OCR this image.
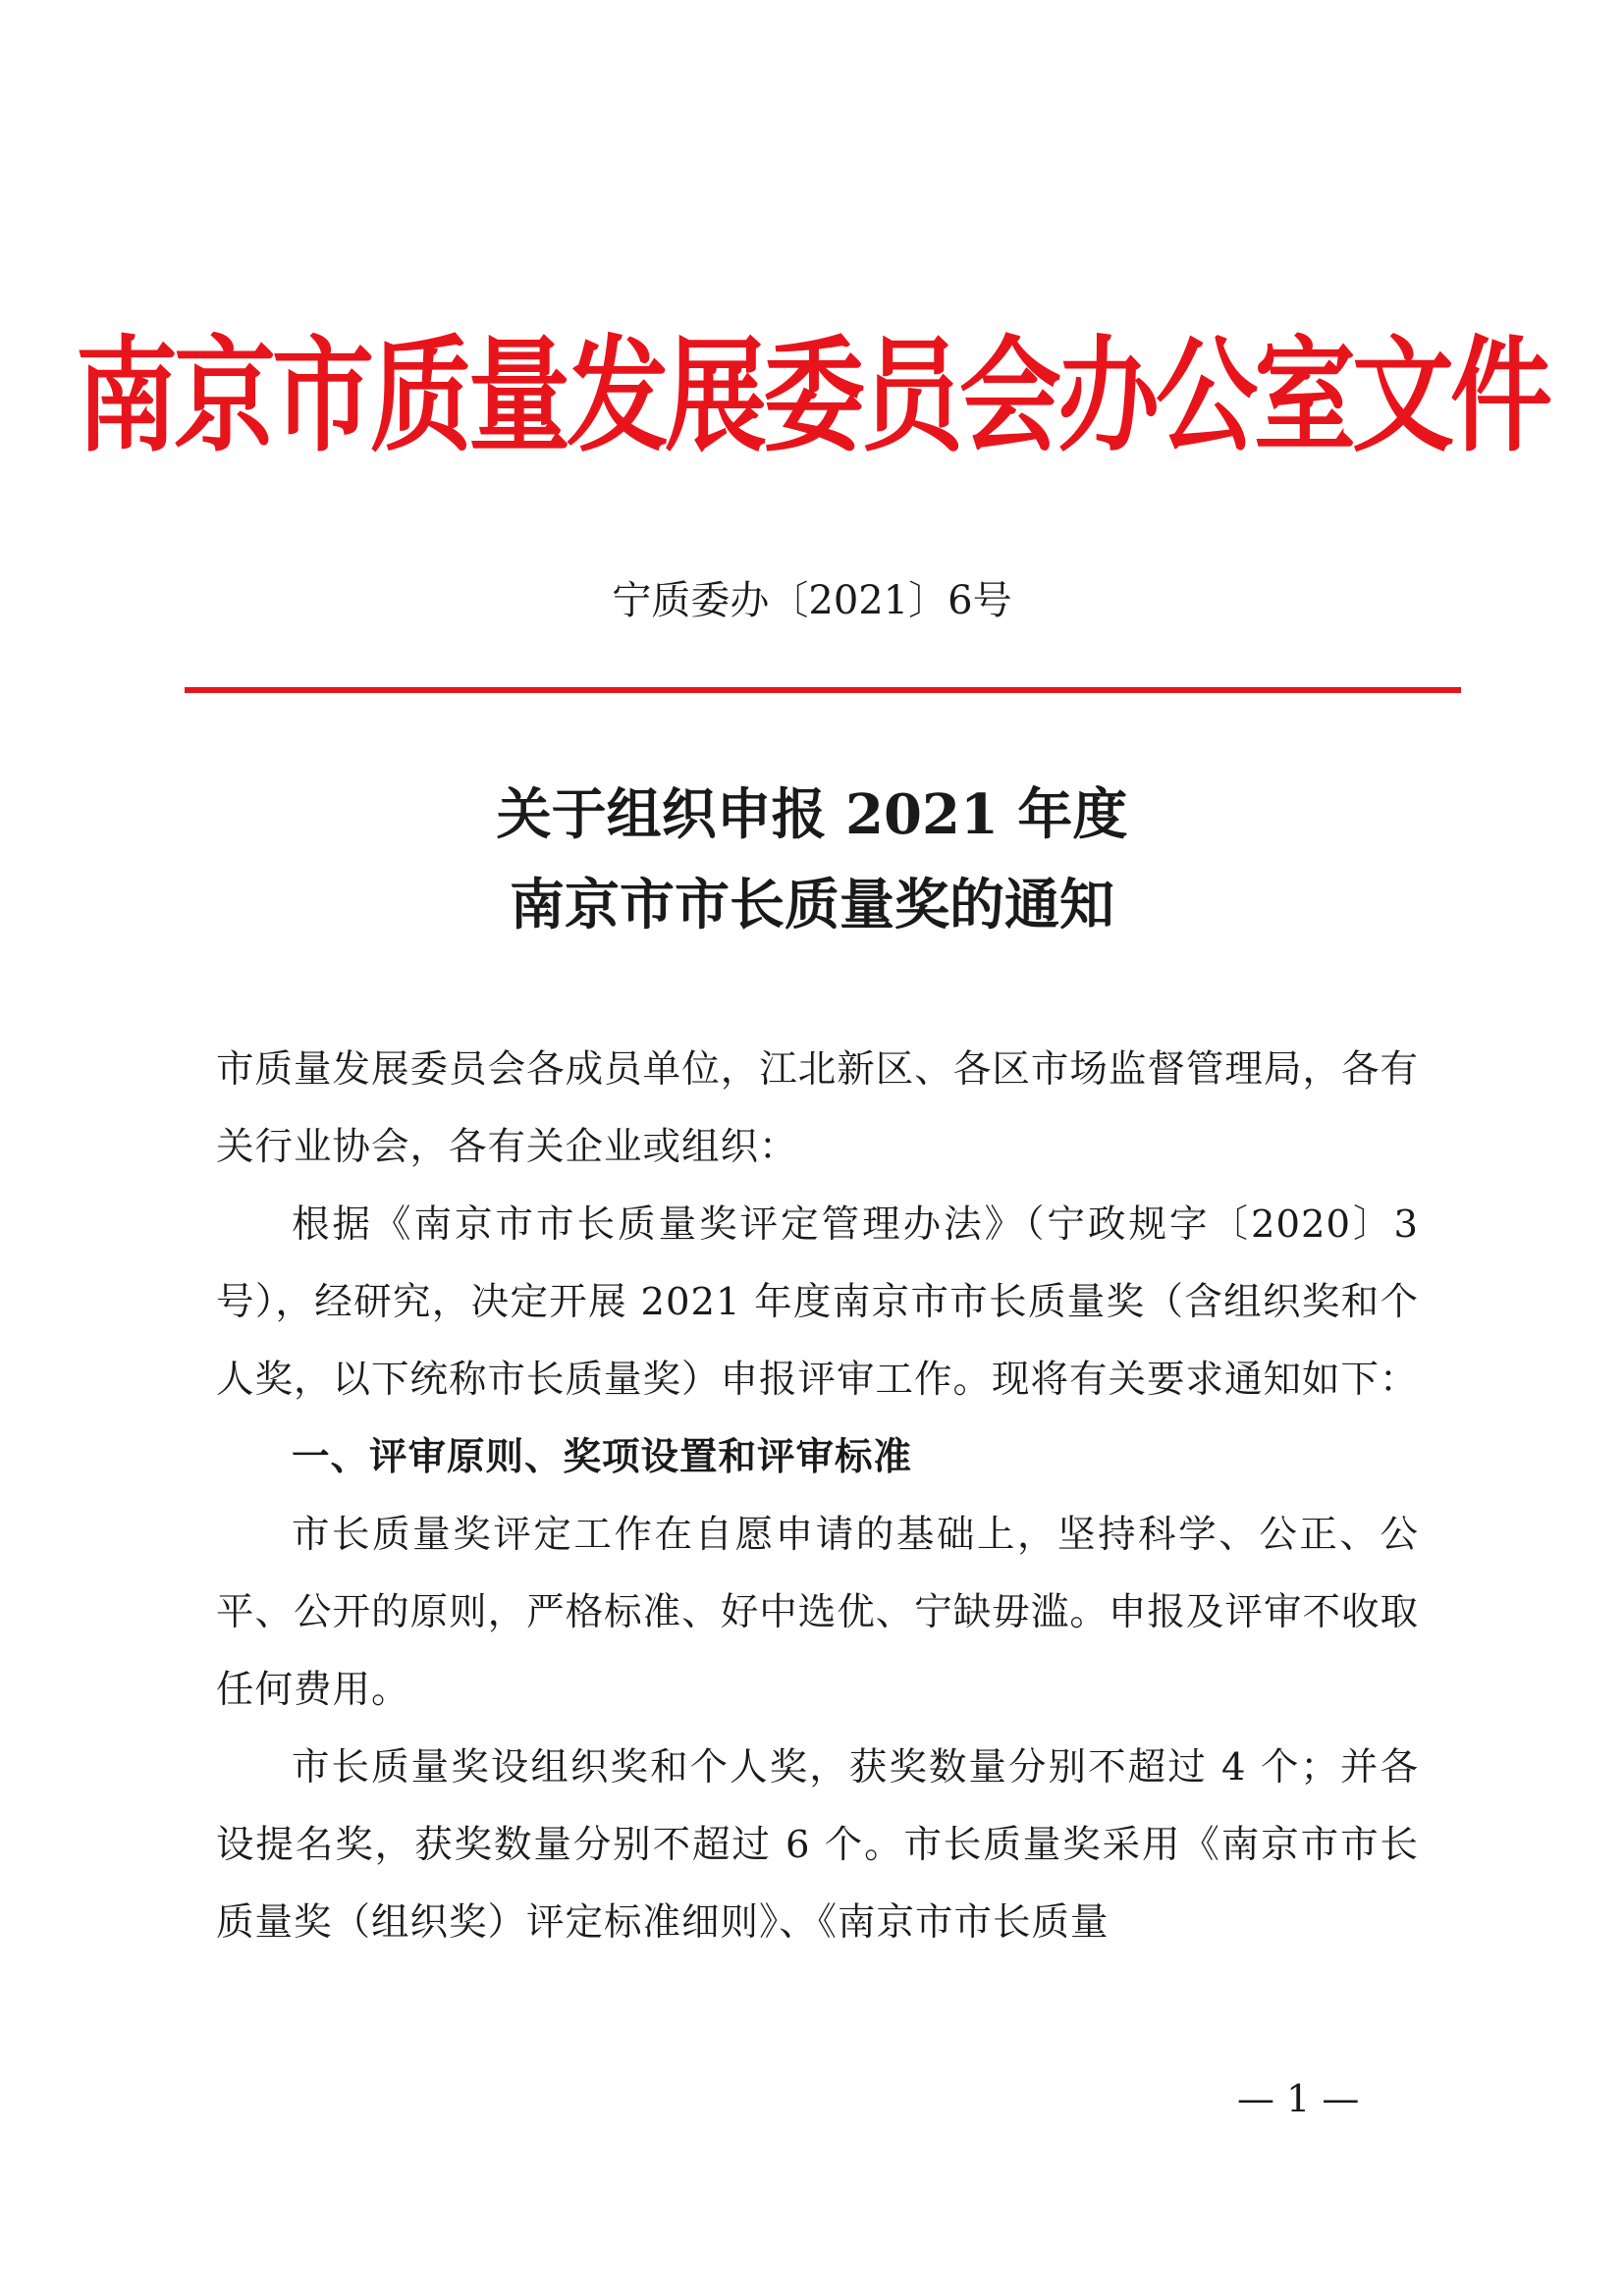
南京市质量发展委员会办公室文件
宁质委办〔2021〕6号
关于组织申报 2021 年度
南京市市长质量奖的通知

市质量发展委员会各成员单位，江北新区、各区市场监督管理局，各有关行业协会，各有关企业或组织：

根据《南京市市长质量奖评定管理办法》（宁政规字〔2020〕3 号），经研究，决定开展 2021 年度南京市市长质量奖（含组织奖和个人奖，以下统称市长质量奖）申报评审工作。现将有关要求通知如下：

一、评审原则、奖项设置和评审标准

市长质量奖评定工作在自愿申请的基础上，坚持科学、公正、公平、公开的原则，严格标准、好中选优、宁缺毋滥。申报及评审不收取任何费用。

市长质量奖设组织奖和个人奖，获奖数量分别不超过 4 个；并各设提名奖，获奖数量分别不超过 6 个。市长质量奖采用《南京市市长质量奖（组织奖）评定标准细则》、《南京市市长质量

— 1 —
